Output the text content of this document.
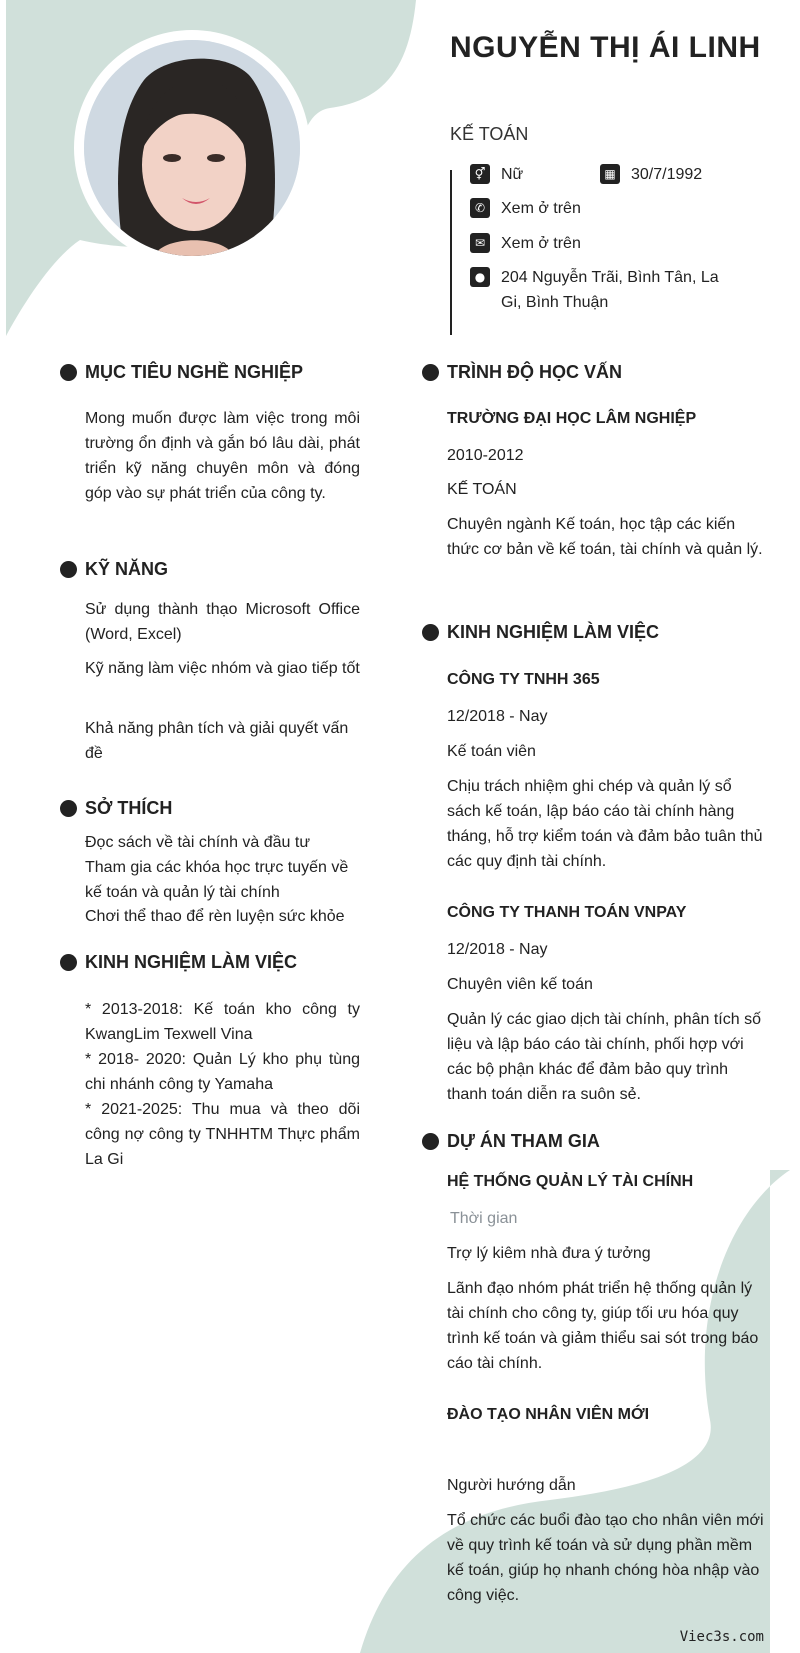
NGUYỄN THỊ ÁI LINH
KẾ TOÁN
⚥ Nữ	▦ 30/7/1992
✆ Xem ở trên
✉ Xem ở trên
● 204 Nguyễn Trãi, Bình Tân, La Gi, Bình Thuận
MỤC TIÊU NGHỀ NGHIỆP
Mong muốn được làm việc trong môi trường ổn định và gắn bó lâu dài, phát triển kỹ năng chuyên môn và đóng góp vào sự phát triển của công ty.
KỸ NĂNG
Sử dụng thành thạo Microsoft Office (Word, Excel)
Kỹ năng làm việc nhóm và giao tiếp tốt
Khả năng phân tích và giải quyết vấn đề
SỞ THÍCH
Đọc sách về tài chính và đầu tư
Tham gia các khóa học trực tuyến về kế toán và quản lý tài chính
Chơi thể thao để rèn luyện sức khỏe
KINH NGHIỆM LÀM VIỆC
* 2013-2018: Kế toán kho công ty KwangLim Texwell Vina
* 2018- 2020: Quản Lý kho phụ tùng chi nhánh công ty Yamaha
* 2021-2025: Thu mua và theo dõi công nợ công ty TNHHTM Thực phẩm La Gi
TRÌNH ĐỘ HỌC VẤN
TRƯỜNG ĐẠI HỌC LÂM NGHIỆP
2010-2012
KẾ TOÁN
Chuyên ngành Kế toán, học tập các kiến thức cơ bản về kế toán, tài chính và quản lý.
KINH NGHIỆM LÀM VIỆC
CÔNG TY TNHH 365
12/2018 - Nay
Kế toán viên
Chịu trách nhiệm ghi chép và quản lý sổ sách kế toán, lập báo cáo tài chính hàng tháng, hỗ trợ kiểm toán và đảm bảo tuân thủ các quy định tài chính.
CÔNG TY THANH TOÁN VNPAY
12/2018 - Nay
Chuyên viên kế toán
Quản lý các giao dịch tài chính, phân tích số liệu và lập báo cáo tài chính, phối hợp với các bộ phận khác để đảm bảo quy trình thanh toán diễn ra suôn sẻ.
DỰ ÁN THAM GIA
HỆ THỐNG QUẢN LÝ TÀI CHÍNH
Thời gian
Trợ lý kiêm nhà đưa ý tưởng
Lãnh đạo nhóm phát triển hệ thống quản lý tài chính cho công ty, giúp tối ưu hóa quy trình kế toán và giảm thiểu sai sót trong báo cáo tài chính.
ĐÀO TẠO NHÂN VIÊN MỚI
Người hướng dẫn
Tổ chức các buổi đào tạo cho nhân viên mới về quy trình kế toán và sử dụng phần mềm kế toán, giúp họ nhanh chóng hòa nhập vào công việc.
Viec3s.com
